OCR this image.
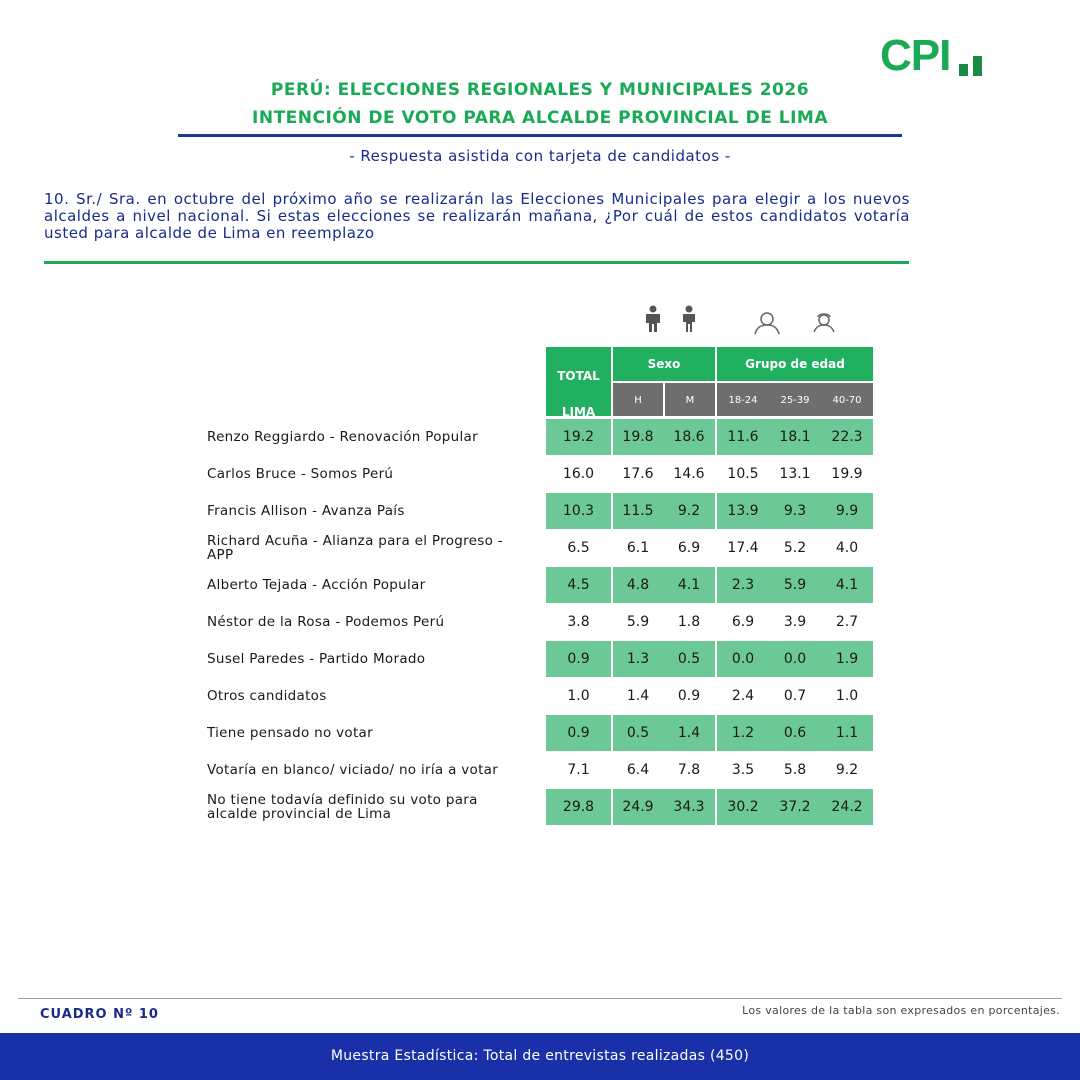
CPI
PERÚ: ELECCIONES REGIONALES Y MUNICIPALES 2026
INTENCIÓN DE VOTO PARA ALCALDE PROVINCIAL DE LIMA
- Respuesta asistida con tarjeta de candidatos -
10. Sr./ Sra. en octubre del próximo año se realizarán las Elecciones Municipales para elegir a los nuevos alcaldes a nivel nacional. Si estas elecciones se realizarán mañana, ¿Por cuál de estos candidatos votaría usted para alcalde de Lima en reemplazo
TOTAL
LIMA
Sexo	Grupo de edad
H	M	18-24	25-39	40-70
Renzo Reggiardo - Renovación Popular	19.2	19.8	18.6	11.6	18.1	22.3
Carlos Bruce - Somos Perú	16.0	17.6	14.6	10.5	13.1	19.9
Francis Allison - Avanza País	10.3	11.5	9.2	13.9	9.3	9.9
Richard Acuña - Alianza para el Progreso - APP	6.5	6.1	6.9	17.4	5.2	4.0
Alberto Tejada - Acción Popular	4.5	4.8	4.1	2.3	5.9	4.1
Néstor de la Rosa - Podemos Perú	3.8	5.9	1.8	6.9	3.9	2.7
Susel Paredes - Partido Morado	0.9	1.3	0.5	0.0	0.0	1.9
Otros candidatos	1.0	1.4	0.9	2.4	0.7	1.0
Tiene pensado no votar	0.9	0.5	1.4	1.2	0.6	1.1
Votaría en blanco/ viciado/ no iría a votar	7.1	6.4	7.8	3.5	5.8	9.2
No tiene todavía definido su voto para alcalde provincial de Lima	29.8	24.9	34.3	30.2	37.2	24.2
CUADRO Nº 10	Los valores de la tabla son expresados en porcentajes.
Muestra Estadística: Total de entrevistas realizadas (450)
